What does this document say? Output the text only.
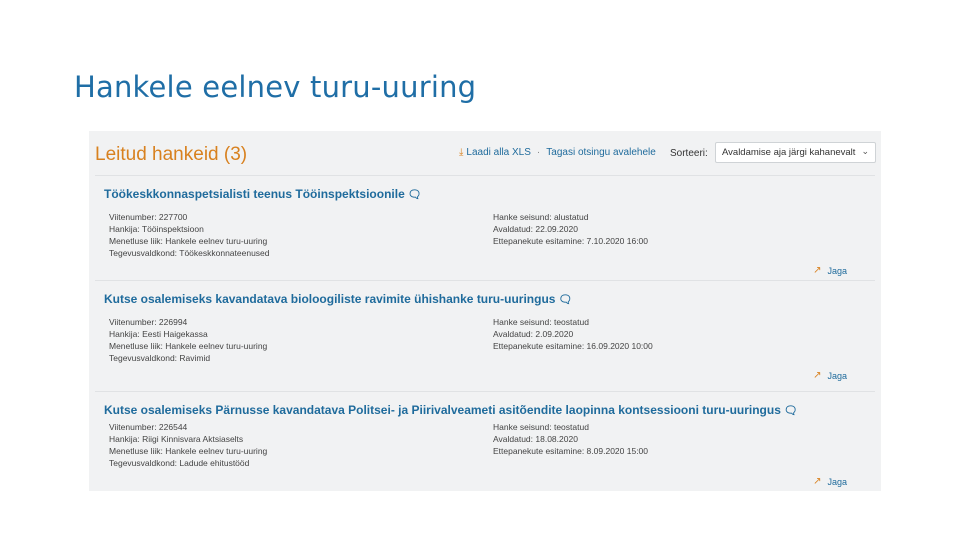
Hankele eelnev turu-uuring
Leitud hankeid (3)	⤓ Laadi alla XLS · Tagasi otsingu avalehele Sorteeri:	Avaldamise aja järgi kahanevalt ⌄
Töökeskkonnaspetsialisti teenus Tööinspektsioonile 🗨
Viitenumber: 227700
Hankija: Tööinspektsioon
Menetluse liik: Hankele eelnev turu-uuring
Tegevusvaldkond: Töökeskkonnateenused
Hanke seisund: alustatud
Avaldatud: 22.09.2020
Ettepanekute esitamine: 7.10.2020 16:00
↗ Jaga
Kutse osalemiseks kavandatava bioloogiliste ravimite ühishanke turu-uuringus 🗨
Viitenumber: 226994
Hankija: Eesti Haigekassa
Menetluse liik: Hankele eelnev turu-uuring
Tegevusvaldkond: Ravimid
Hanke seisund: teostatud
Avaldatud: 2.09.2020
Ettepanekute esitamine: 16.09.2020 10:00
↗ Jaga
Kutse osalemiseks Pärnusse kavandatava Politsei- ja Piirivalveameti asitõendite laopinna kontsessiooni turu-uuringus 🗨
Viitenumber: 226544
Hankija: Riigi Kinnisvara Aktsiaselts
Menetluse liik: Hankele eelnev turu-uuring
Tegevusvaldkond: Ladude ehitustööd
Hanke seisund: teostatud
Avaldatud: 18.08.2020
Ettepanekute esitamine: 8.09.2020 15:00
↗ Jaga
